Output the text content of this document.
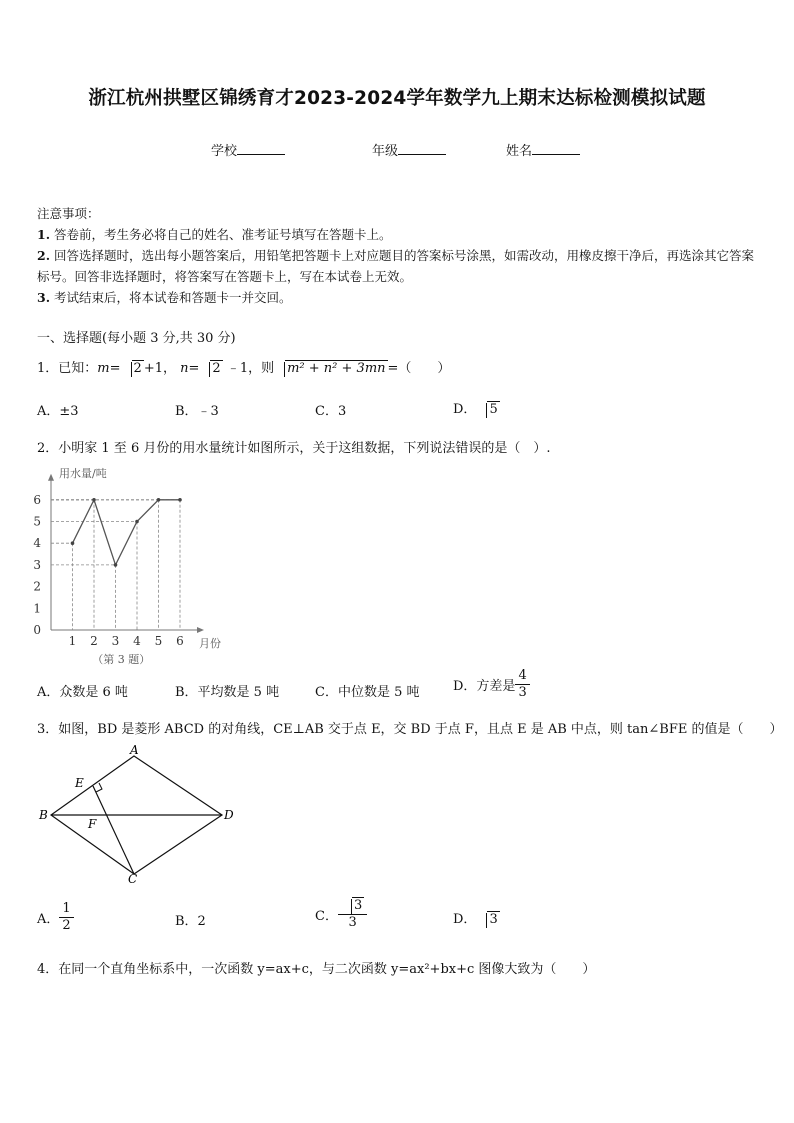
浙江杭州拱墅区锦绣育才2023-2024学年数学九上期末达标检测模拟试题
学校	年级	姓名
注意事项：
1. 答卷前，考生务必将自己的姓名、准考证号填写在答题卡上。
2. 回答选择题时，选出每小题答案后，用铅笔把答题卡上对应题目的答案标号涂黑，如需改动，用橡皮擦干净后，再选涂其它答案标号。回答非选择题时，将答案写在答题卡上，写在本试卷上无效。
3. 考试结束后，将本试卷和答题卡一并交回。
一、选择题(每小题 3 分,共 30 分)
1．已知：m= 2 +1， n= 2 ﹣1，则 m² + n² + 3mn =（　　）
A．±3	B．﹣3	C．3	D． 5
2．小明家 1 至 6 月份的用水量统计如图所示，关于这组数据，下列说法错误的是（　）.
0
1
2
3
4
5
6
1 2 3 4 5 6
用水量/吨
月份
（第 3 题）
A．众数是 6 吨	B．平均数是 5 吨	C．中位数是 5 吨	D．方差是 $\frac{4}{3}$
3．如图，BD 是菱形 ABCD 的对角线，CE⊥AB 交于点 E，交 BD 于点 F，且点 E 是 AB 中点，则 tan∠BFE 的值是（　　）
A
B
C
D
E
F
A． $\frac{1}{2}$	B．2	C． $\frac{3}{3}$	D． 3
4．在同一个直角坐标系中，一次函数 y=ax+c，与二次函数 y=ax²+bx+c 图像大致为（　　）
